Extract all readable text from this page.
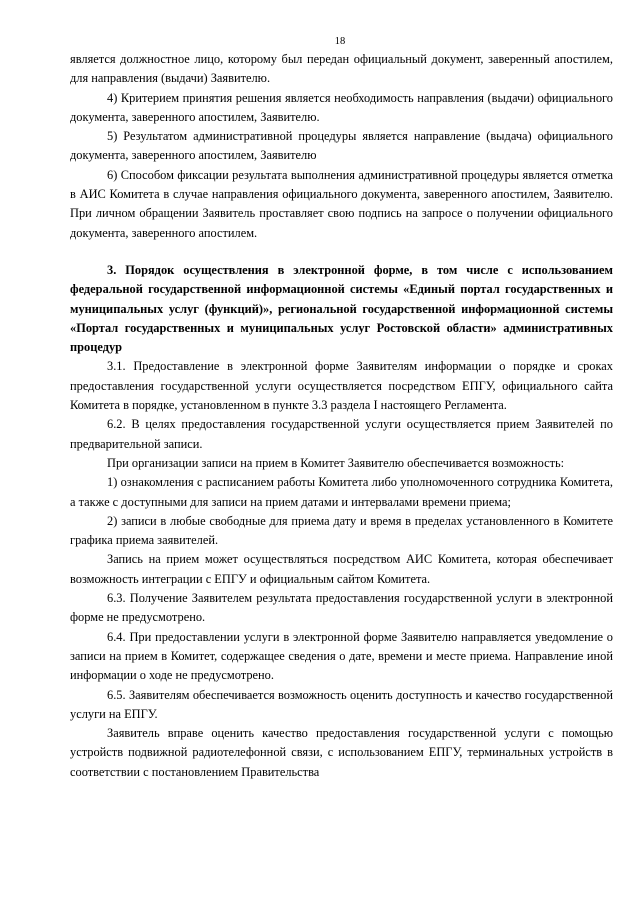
18

является должностное лицо, которому был передан официальный документ, заверенный апостилем, для направления (выдачи) Заявителю.

4) Критерием принятия решения является необходимость направления (выдачи) официального документа, заверенного апостилем, Заявителю.

5) Результатом административной процедуры является направление (выдача) официального документа, заверенного апостилем, Заявителю

6) Способом фиксации результата выполнения административной процедуры является отметка в АИС Комитета в случае направления официального документа, заверенного апостилем, Заявителю. При личном обращении Заявитель проставляет свою подпись на запросе о получении официального документа, заверенного апостилем.

3. Порядок осуществления в электронной форме, в том числе с использованием федеральной государственной информационной системы «Единый портал государственных и муниципальных услуг (функций)», региональной государственной информационной системы «Портал государственных и муниципальных услуг Ростовской области» административных процедур

3.1. Предоставление в электронной форме Заявителям информации о порядке и сроках предоставления государственной услуги осуществляется посредством ЕПГУ, официального сайта Комитета в порядке, установленном в пункте 3.3 раздела I настоящего Регламента.

6.2. В целях предоставления государственной услуги осуществляется прием Заявителей по предварительной записи.

При организации записи на прием в Комитет Заявителю обеспечивается возможность:

1) ознакомления с расписанием работы Комитета либо уполномоченного сотрудника Комитета, а также с доступными для записи на прием датами и интервалами времени приема;

2) записи в любые свободные для приема дату и время в пределах установленного в Комитете графика приема заявителей.

Запись на прием может осуществляться посредством АИС Комитета, которая обеспечивает возможность интеграции с ЕПГУ и официальным сайтом Комитета.

6.3. Получение Заявителем результата предоставления государственной услуги в электронной форме не предусмотрено.

6.4. При предоставлении услуги в электронной форме Заявителю направляется уведомление о записи на прием в Комитет, содержащее сведения о дате, времени и месте приема. Направление иной информации о ходе не предусмотрено.

6.5. Заявителям обеспечивается возможность оценить доступность и качество государственной услуги на ЕПГУ.

Заявитель вправе оценить качество предоставления государственной услуги с помощью устройств подвижной радиотелефонной связи, с использованием ЕПГУ, терминальных устройств в соответствии с постановлением Правительства
